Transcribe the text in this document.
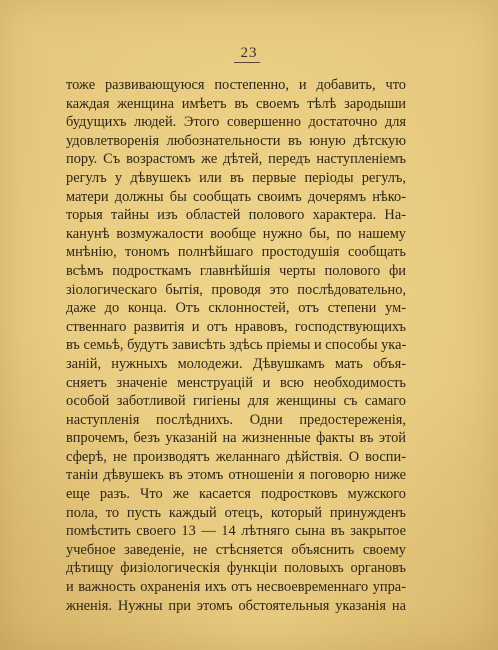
23
тоже развивающуюся постепенно, и добавить, что
каждая женщина имѣетъ въ своемъ тѣлѣ зародыши
будущихъ людей. Этого совершенно достаточно для
удовлетворенія любознательности въ юную дѣтскую
пору. Съ возрастомъ же дѣтей, передъ наступленіемъ
регулъ у дѣвушекъ или въ первые періоды регулъ,
матери должны бы сообщать своимъ дочерямъ нѣко-
торыя тайны изъ областей полового характера. На-
канунѣ возмужалости вообще нужно бы, по нашему
мнѣнію, тономъ полнѣйшаго простодушія сообщать
всѣмъ подросткамъ главнѣйшія черты полового фи
зіологическаго бытія, проводя это послѣдовательно,
даже до конца. Отъ склонностей, отъ степени ум-
ственнаго развитія и отъ нравовъ, господствующихъ
въ семьѣ, будутъ зависѣть здѣсь пріемы и способы ука-
заній, нужныхъ молодежи. Дѣвушкамъ мать объя-
сняетъ значеніе менструацій и всю необходимость
особой заботливой гигіены для женщины съ самаго
наступленія послѣднихъ. Одни предостереженія,
впрочемъ, безъ указаній на жизненные факты въ этой
сферѣ, не производятъ желаннаго дѣйствія. О воспи-
таніи дѣвушекъ въ этомъ отношеніи я поговорю ниже
еще разъ. Что же касается подростковъ мужского
пола, то пусть каждый отецъ, который принужденъ
помѣстить своего 13 — 14 лѣтняго сына въ закрытое
учебное заведеніе, не стѣсняется объяснить своему
дѣтищу физіологическія функціи половыхъ органовъ
и важность охраненія ихъ отъ несвоевременнаго упра-
жненія. Нужны при этомъ обстоятельныя указанія на
